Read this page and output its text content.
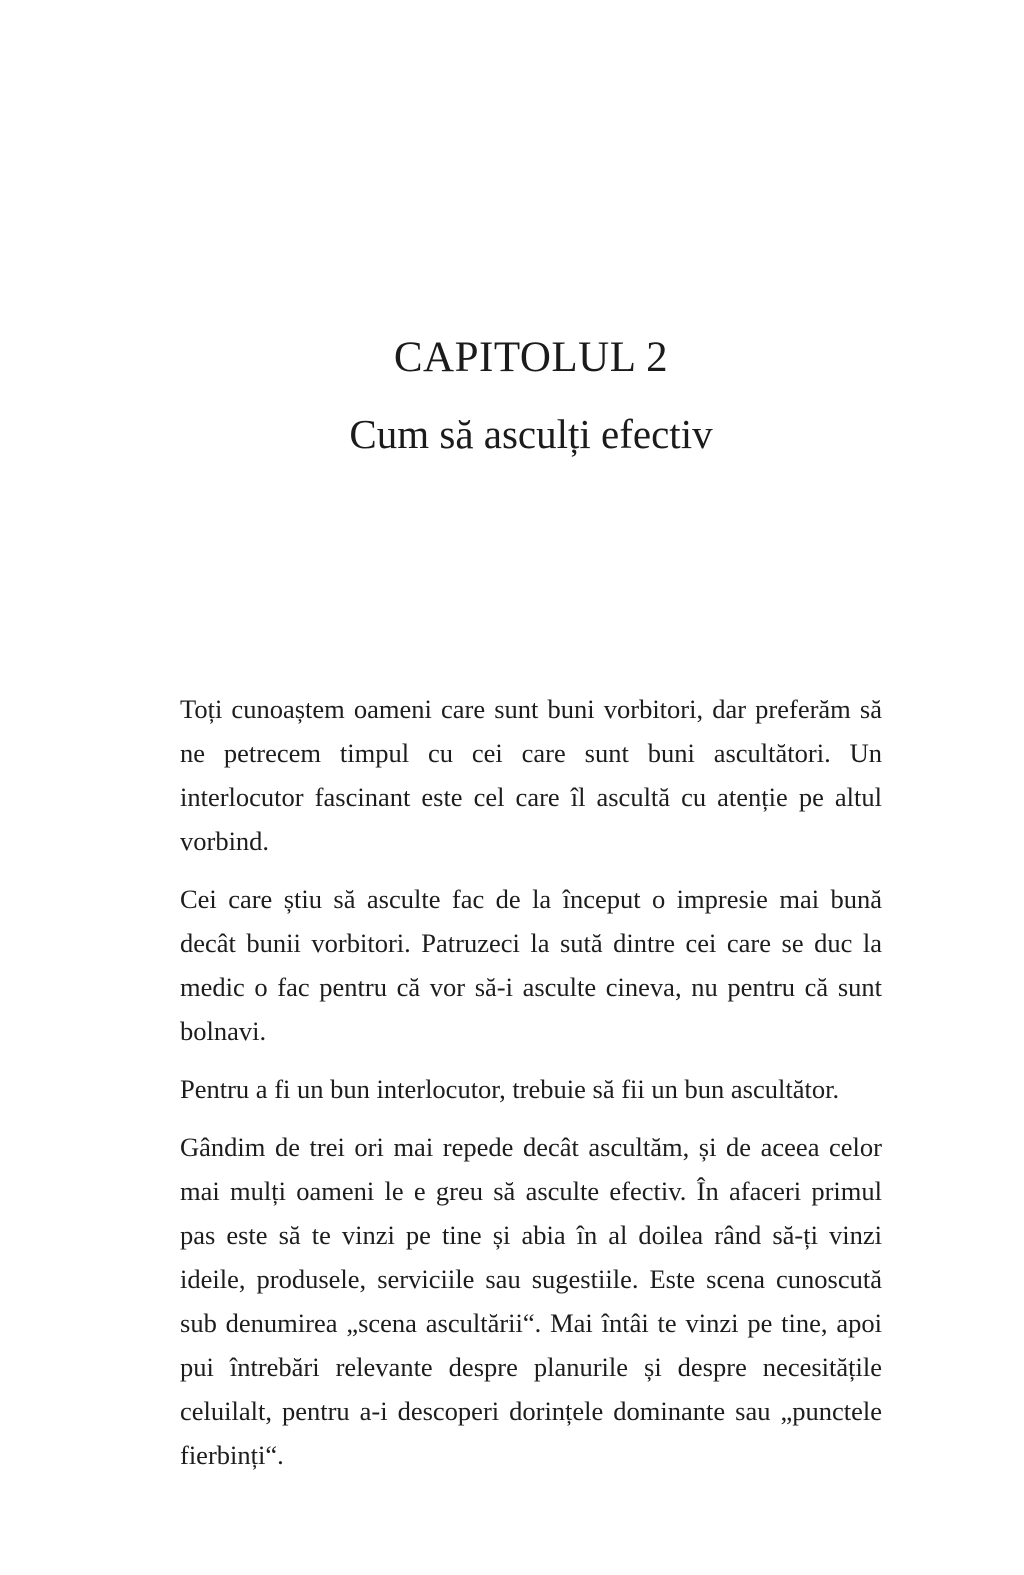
CAPITOLUL 2
Cum să asculți efectiv

Toți cunoaștem oameni care sunt buni vorbitori, dar preferăm să ne petrecem timpul cu cei care sunt buni ascultători. Un interlocutor fascinant este cel care îl ascultă cu atenție pe altul vorbind.

Cei care știu să asculte fac de la început o impresie mai bună decât bunii vorbitori. Patruzeci la sută dintre cei care se duc la medic o fac pentru că vor să-i asculte cineva, nu pentru că sunt bolnavi.

Pentru a fi un bun interlocutor, trebuie să fii un bun ascultător.

Gândim de trei ori mai repede decât ascultăm, și de aceea celor mai mulți oameni le e greu să asculte efectiv. În afaceri primul pas este să te vinzi pe tine și abia în al doilea rând să-ți vinzi ideile, produsele, serviciile sau sugestiile. Este scena cunoscută sub denumirea „scena ascultării“. Mai întâi te vinzi pe tine, apoi pui întrebări relevante despre planurile și despre necesitățile celuilalt, pentru a-i descoperi dorințele dominante sau „punctele fierbinți“.
